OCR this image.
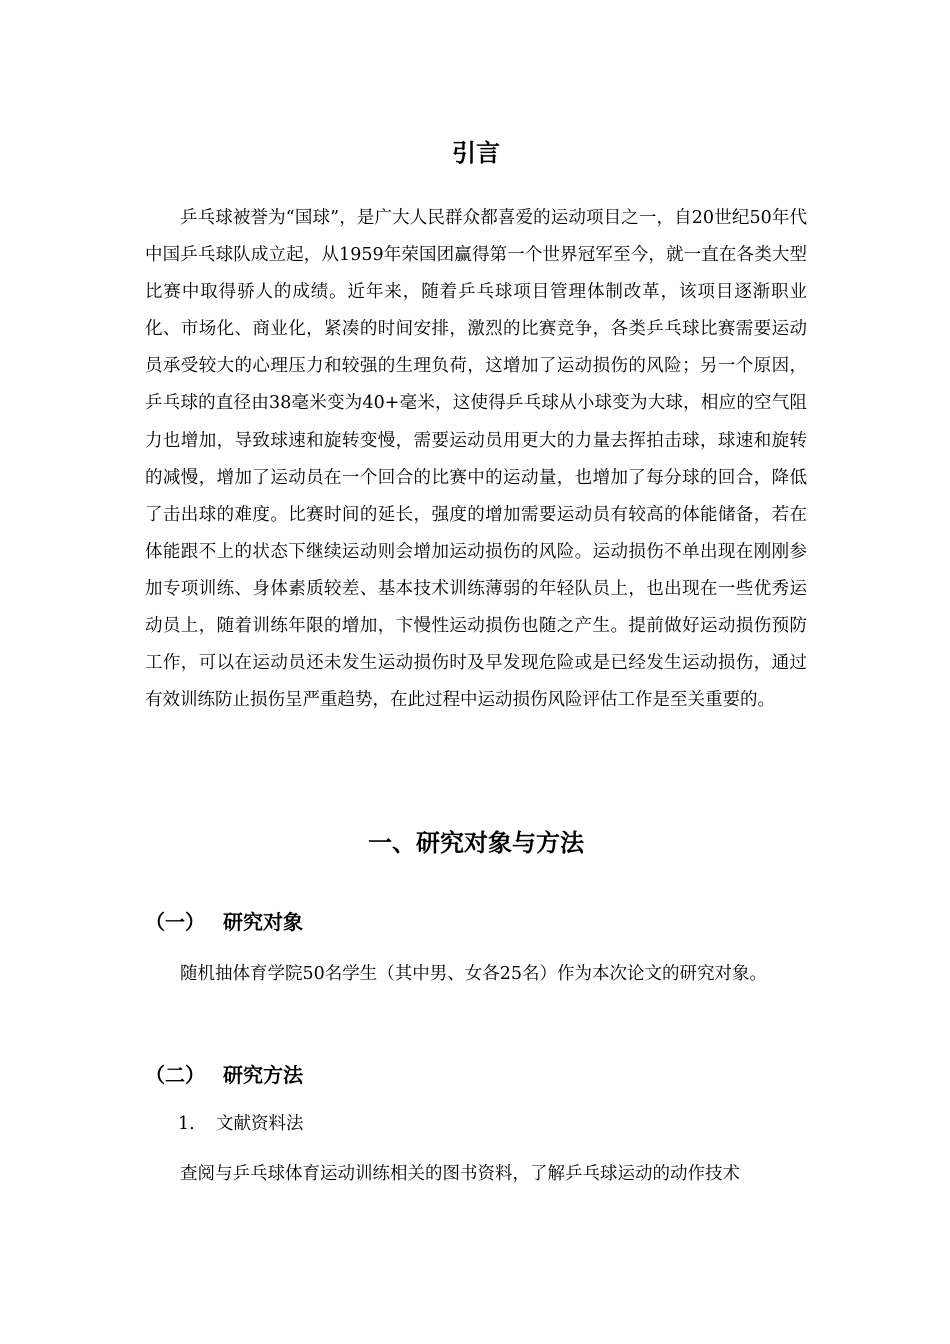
引言

乒乓球被誉为“国球”，是广大人民群众都喜爱的运动项目之一，自20世纪50年代中国乒乓球队成立起，从1959年荣国团赢得第一个世界冠军至今，就一直在各类大型比赛中取得骄人的成绩。近年来，随着乒乓球项目管理体制改革，该项目逐渐职业化、市场化、商业化，紧凑的时间安排，激烈的比赛竞争，各类乒乓球比赛需要运动员承受较大的心理压力和较强的生理负荷，这增加了运动损伤的风险；另一个原因，乒乓球的直径由38毫米变为40+毫米，这使得乒乓球从小球变为大球，相应的空气阻力也增加，导致球速和旋转变慢，需要运动员用更大的力量去挥拍击球，球速和旋转的减慢，增加了运动员在一个回合的比赛中的运动量，也增加了每分球的回合，降低了击出球的难度。比赛时间的延长，强度的增加需要运动员有较高的体能储备，若在体能跟不上的状态下继续运动则会增加运动损伤的风险。运动损伤不单出现在刚刚参加专项训练、身体素质较差、基本技术训练薄弱的年轻队员上，也出现在一些优秀运动员上，随着训练年限的增加，卞慢性运动损伤也随之产生。提前做好运动损伤预防工作，可以在运动员还未发生运动损伤时及早发现危险或是已经发生运动损伤，通过有效训练防止损伤呈严重趋势，在此过程中运动损伤风险评估工作是至关重要的。

一、研究对象与方法
（一） 研究对象

随机抽体育学院50名学生（其中男、女各25名）作为本次论文的研究对象。

（二） 研究方法
1. 文献资料法

查阅与乒乓球体育运动训练相关的图书资料，了解乒乓球运动的动作技术
